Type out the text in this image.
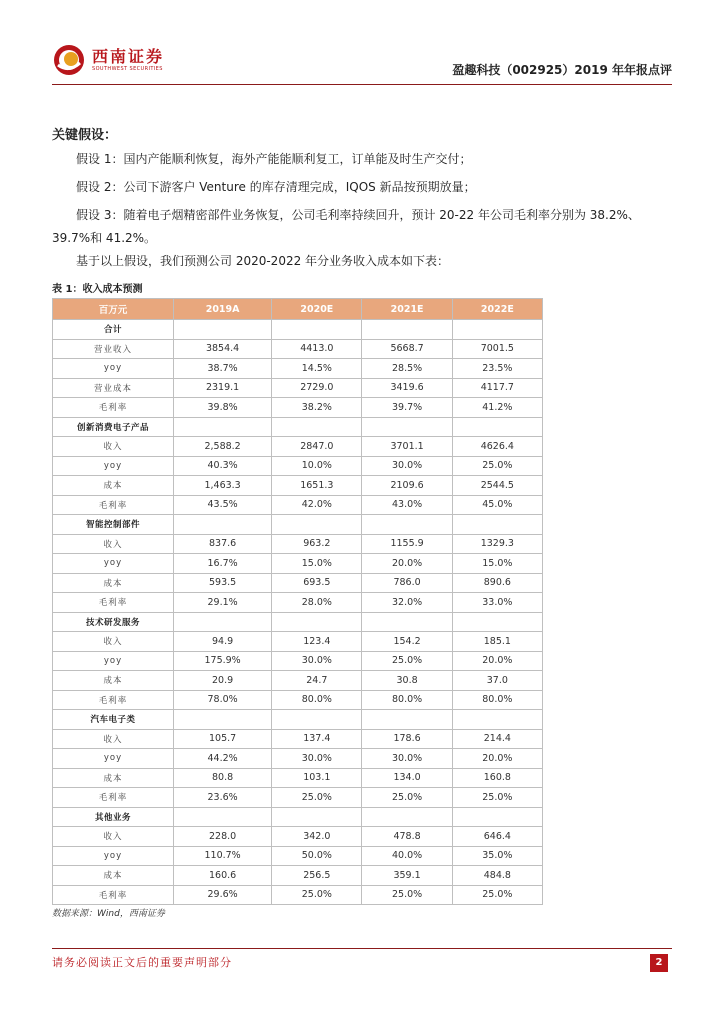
西南证券
SOUTHWEST SECURITIES	盈趣科技（002925）2019 年年报点评
关键假设：
假设 1：国内产能顺利恢复，海外产能能顺利复工，订单能及时生产交付；
假设 2：公司下游客户 Venture 的库存清理完成，IQOS 新品按预期放量；
假设 3：随着电子烟精密部件业务恢复，公司毛利率持续回升，预计 20-22 年公司毛利率分别为 38.2%、39.7%和 41.2%。
基于以上假设，我们预测公司 2020-2022 年分业务收入成本如下表：
表 1：收入成本预测
百万元	2019A	2020E	2021E	2022E
合计				
营业收入	3854.4	4413.0	5668.7	7001.5
yoy	38.7%	14.5%	28.5%	23.5%
营业成本	2319.1	2729.0	3419.6	4117.7
毛利率	39.8%	38.2%	39.7%	41.2%
创新消费电子产品				
收入	2,588.2	2847.0	3701.1	4626.4
yoy	40.3%	10.0%	30.0%	25.0%
成本	1,463.3	1651.3	2109.6	2544.5
毛利率	43.5%	42.0%	43.0%	45.0%
智能控制部件				
收入	837.6	963.2	1155.9	1329.3
yoy	16.7%	15.0%	20.0%	15.0%
成本	593.5	693.5	786.0	890.6
毛利率	29.1%	28.0%	32.0%	33.0%
技术研发服务				
收入	94.9	123.4	154.2	185.1
yoy	175.9%	30.0%	25.0%	20.0%
成本	20.9	24.7	30.8	37.0
毛利率	78.0%	80.0%	80.0%	80.0%
汽车电子类				
收入	105.7	137.4	178.6	214.4
yoy	44.2%	30.0%	30.0%	20.0%
成本	80.8	103.1	134.0	160.8
毛利率	23.6%	25.0%	25.0%	25.0%
其他业务				
收入	228.0	342.0	478.8	646.4
yoy	110.7%	50.0%	40.0%	35.0%
成本	160.6	256.5	359.1	484.8
毛利率	29.6%	25.0%	25.0%	25.0%
数据来源：Wind，西南证券
请务必阅读正文后的重要声明部分	2
